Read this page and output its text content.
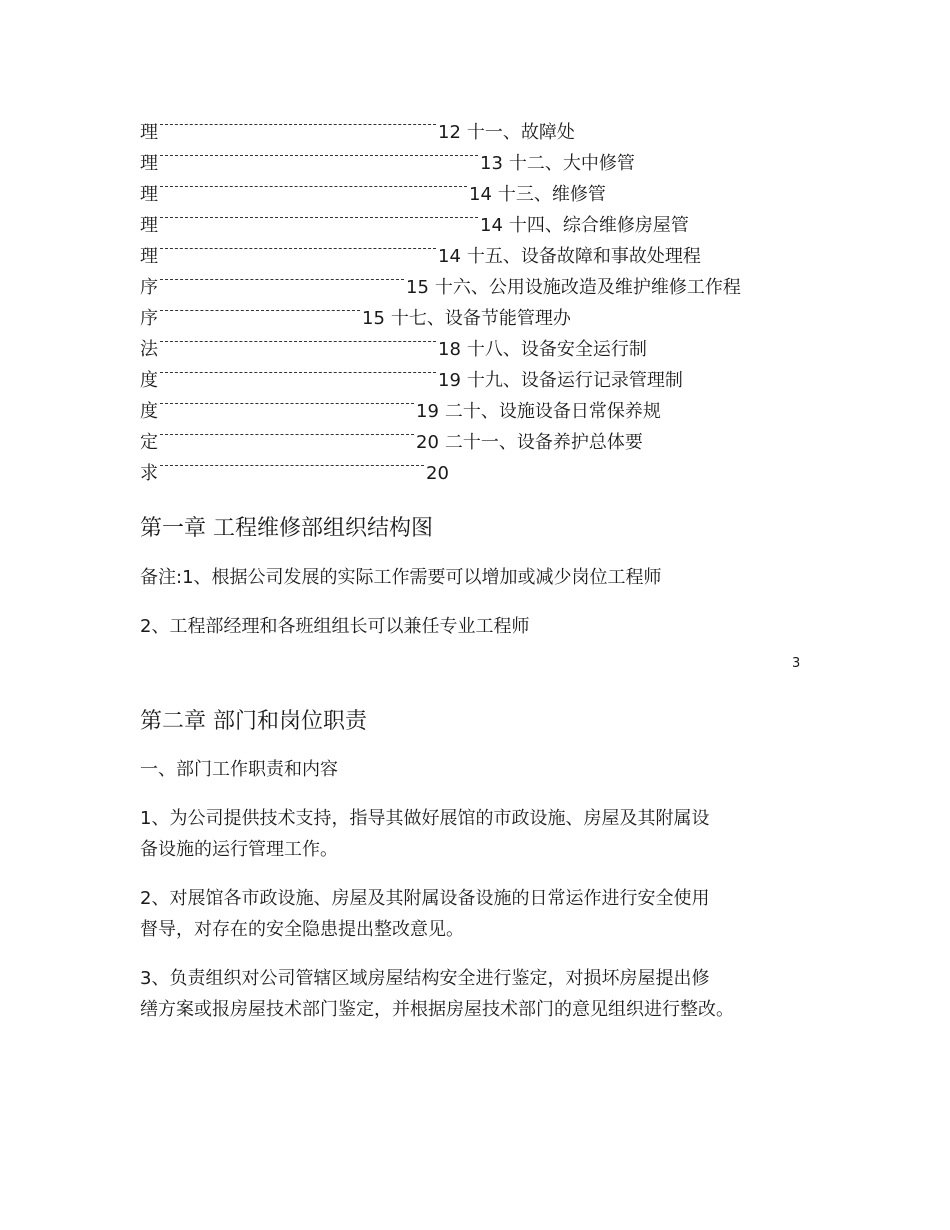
理	12 十一、故障处
理	13 十二、大中修管
理	14 十三、维修管
理	14 十四、综合维修房屋管
理	14 十五、设备故障和事故处理程
序	15 十六、公用设施改造及维护维修工作程
序	15 十七、设备节能管理办
法	18 十八、设备安全运行制
度	19 十九、设备运行记录管理制
度	19 二十、设施设备日常保养规
定	20 二十一、设备养护总体要
求	20
第一章 工程维修部组织结构图
备注:1、根据公司发展的实际工作需要可以增加或减少岗位工程师
2、工程部经理和各班组组长可以兼任专业工程师
3
第二章 部门和岗位职责
一、部门工作职责和内容
1、为公司提供技术支持，指导其做好展馆的市政设施、房屋及其附属设
备设施的运行管理工作。
2、对展馆各市政设施、房屋及其附属设备设施的日常运作进行安全使用
督导，对存在的安全隐患提出整改意见。
3、负责组织对公司管辖区域房屋结构安全进行鉴定，对损坏房屋提出修
缮方案或报房屋技术部门鉴定，并根据房屋技术部门的意见组织进行整改。
